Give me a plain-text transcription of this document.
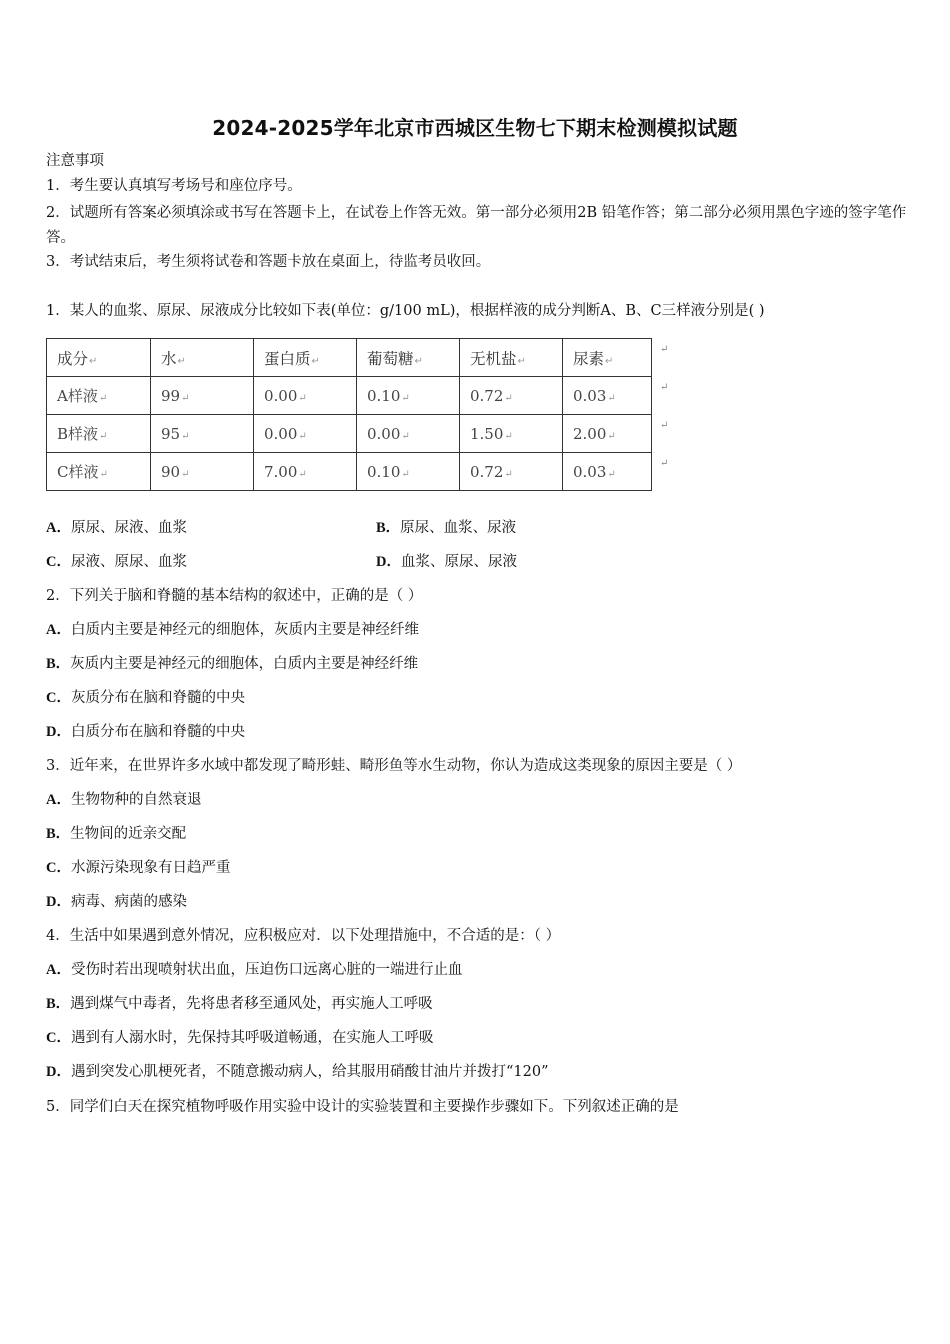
2024-2025学年北京市西城区生物七下期末检测模拟试题
注意事项
1．考生要认真填写考场号和座位序号。
2．试题所有答案必须填涂或书写在答题卡上，在试卷上作答无效。第一部分必须用2B 铅笔作答；第二部分必须用黑色字迹的签字笔作答。
3．考试结束后，考生须将试卷和答题卡放在桌面上，待监考员收回。
1．某人的血浆、原尿、尿液成分比较如下表(单位：g/100 mL)，根据样液的成分判断A、B、C三样液分别是( )
成分↵	水↵	蛋白质↵	葡萄糖↵	无机盐↵	尿素↵
A样液↵	99↵	0.00↵	0.10↵	0.72↵	0.03↵
B样液↵	95↵	0.00↵	0.00↵	1.50↵	2.00↵
C样液↵	90↵	7.00↵	0.10↵	0.72↵	0.03↵
↵
↵
↵
↵
A．原尿、尿液、血浆	B．原尿、血浆、尿液
C．尿液、原尿、血浆	D．血浆、原尿、尿液
2．下列关于脑和脊髓的基本结构的叙述中，正确的是（ ）
A．白质内主要是神经元的细胞体，灰质内主要是神经纤维
B．灰质内主要是神经元的细胞体，白质内主要是神经纤维
C．灰质分布在脑和脊髓的中央
D．白质分布在脑和脊髓的中央
3．近年来，在世界许多水域中都发现了畸形蛙、畸形鱼等水生动物，你认为造成这类现象的原因主要是（ ）
A．生物物种的自然衰退
B．生物间的近亲交配
C．水源污染现象有日趋严重
D．病毒、病菌的感染
4．生活中如果遇到意外情况，应积极应对．以下处理措施中，不合适的是：（ ）
A．受伤时若出现喷射状出血，压迫伤口远离心脏的一端进行止血
B．遇到煤气中毒者，先将患者移至通风处，再实施人工呼吸
C．遇到有人溺水时，先保持其呼吸道畅通，在实施人工呼吸
D．遇到突发心肌梗死者，不随意搬动病人，给其服用硝酸甘油片并拨打“120”
5．同学们白天在探究植物呼吸作用实验中设计的实验装置和主要操作步骤如下。下列叙述正确的是
